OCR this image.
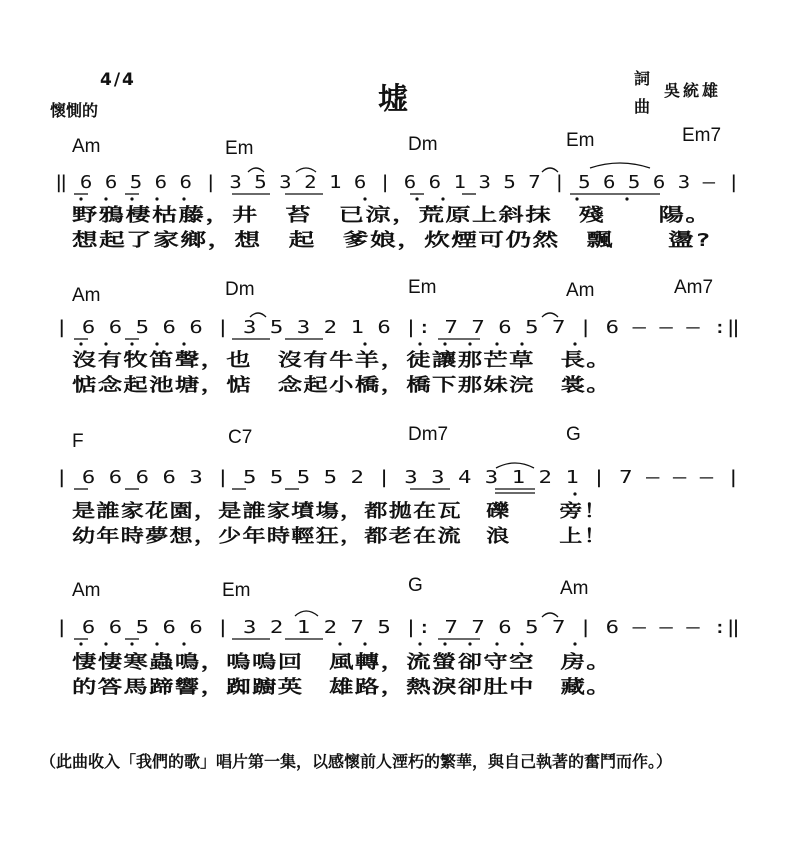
4/4
懷惻的	墟
詞
曲
吳統雄
Am	Em	Dm	Em	Em7
Am	Dm	Em	Am	Am7
F	C7	Dm7	G
Am	Em	G	Am
‖ 6 6 5 6 6 | 3 5 3 2 1 6 | 6 6 1 3 5 7 | 5 6 5 6 3 — |
野鴉棲枯藤，井　苔　已涼，荒原上斜抹　殘　　陽。
想起了家鄉，想　起　爹娘，炊煙可仍然　飄　　盪?
| 6 6 5 6 6 | 3 5 3 2 1 6 |: 7 7 6 5 7 | 6 — — — :‖
沒有牧笛聲，也　沒有牛羊，徒讓那芒草　長。
惦念起池塘，惦　念起小橋，橋下那妹浣　裳。
| 6 6 6 6 3 | 5 5 5 5 2 | 3 3 4 3 1 2 1 | 7 — — — |
是誰家花園，是誰家墳塲，都拋在瓦　礫　　旁！
幼年時夢想，少年時輕狂，都老在流　浪　　上！
| 6 6 5 6 6 | 3 2 1 2 7 5 |: 7 7 6 5 7 | 6 — — — :‖
悽悽寒蟲鳴，嗚嗚回　風轉，流螢卻守空　房。
的答馬蹄響，踟躕英　雄路，熱淚卻肚中　藏。
（此曲收入「我們的歌」唱片第一集，以感懷前人湮朽的繁華，與自己執著的奮鬥而作。）
